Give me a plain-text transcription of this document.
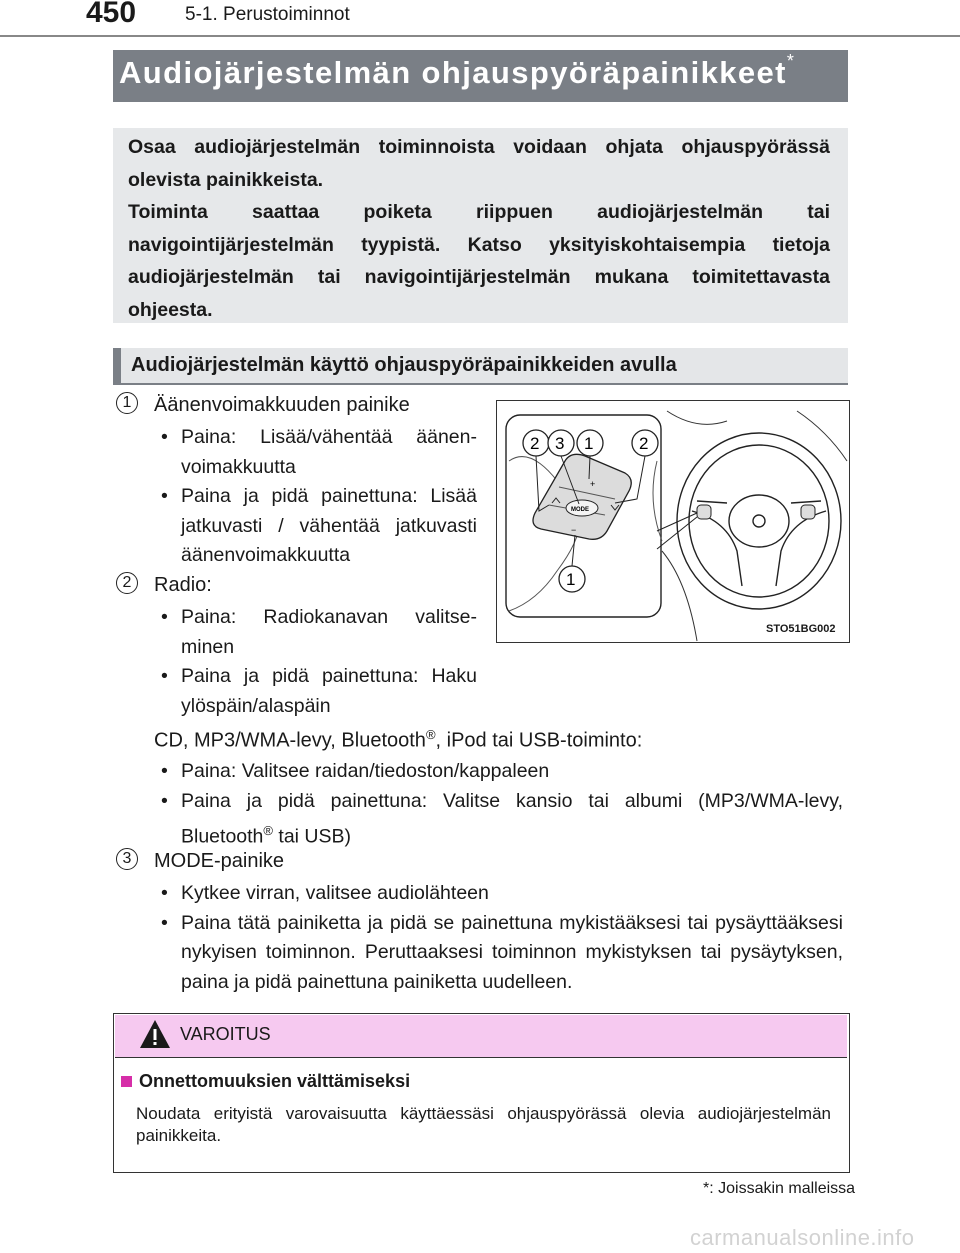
450	5-1. Perustoiminnot
Audiojärjestelmän ohjauspyöräpainikkeet*

Osaa audiojärjestelmän toiminnoista voidaan ohjata ohjauspyörässä olevista painikkeista.

Toiminta saattaa poiketa riippuen audiojärjestelmän tai navigointijärjestelmän tyypistä. Katso yksityiskohtaisempia tietoja audiojärjestelmän tai navigointijärjestelmän mukana toimitettavasta ohjeesta.

Audiojärjestelmän käyttö ohjauspyöräpainikkeiden avulla
1	Äänenvoimakkuuden painike
• Paina: Lisää/vähentää äänen-voimakkuutta
• Paina ja pidä painettuna: Lisää jatkuvasti / vähentää jatkuvasti äänenvoimakkuutta
2	Radio:
• Paina: Radiokanavan valitse-minen
• Paina ja pidä painettuna: Haku ylöspäin/alaspäin
CD, MP3/WMA-levy, Bluetooth®, iPod tai USB-toiminto:
• Paina: Valitsee raidan/tiedoston/kappaleen
• Paina ja pidä painettuna: Valitse kansio tai albumi (MP3/WMA-levy, Bluetooth® tai USB)
3	MODE-painike
• Kytkee virran, valitsee audiolähteen
• Paina tätä painiketta ja pidä se painettuna mykistääksesi tai pysäyttääksesi nykyisen toiminnon. Peruttaaksesi toiminnon mykistyksen tai pysäytyksen, paina ja pidä painettuna painiketta uudelleen.
MODE
+
−
2 3 1	2
1
STO51BG002
VAROITUS
Onnettomuuksien välttämiseksi
Noudata erityistä varovaisuutta käyttäessäsi ohjauspyörässä olevia audiojärjestelmän painikkeita.
*: Joissakin malleissa
carmanualsonline.info
